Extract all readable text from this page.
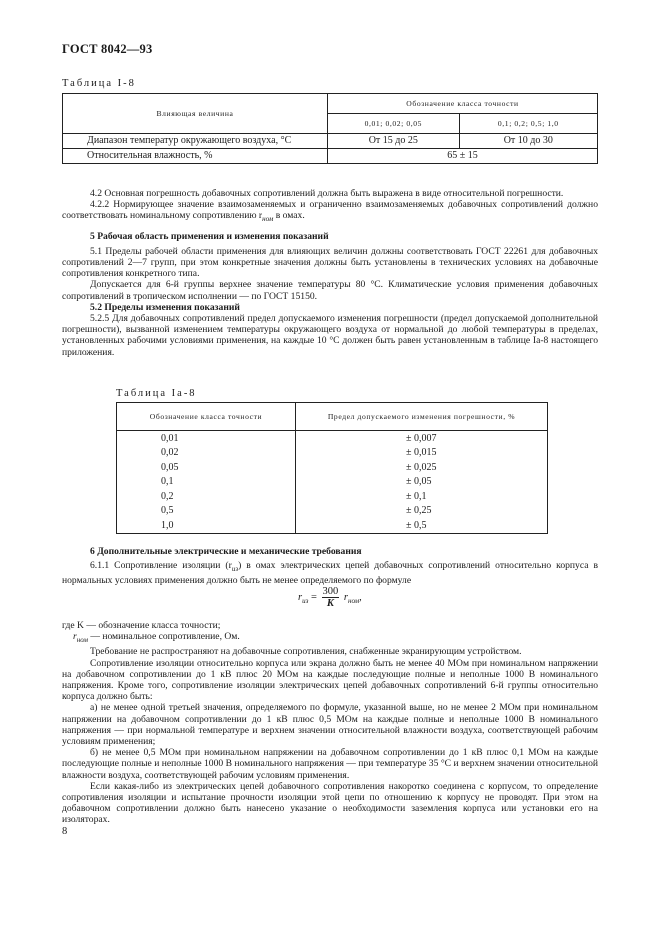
ГОСТ 8042—93
Таблица I-8
Влияющая величина	Обозначение класса точности	
	0,01; 0,02; 0,05	0,1; 0,2; 0,5; 1,0
Диапазон температур окружающего воздуха, °С	От 15 до 25	От 10 до 30
Относительная влажность, %	65 ± 15	

4.2 Основная погрешность добавочных сопротивлений должна быть выражена в виде относительной погрешности.

4.2.2 Нормирующее значение взаимозаменяемых и ограниченно взаимозаменяемых добавочных сопротивлений должно соответствовать номинальному сопротивлению $r_{ном}$ в омах.

5 Рабочая область применения и изменения показаний

5.1 Пределы рабочей области применения для влияющих величин должны соответствовать ГОСТ 22261 для добавочных сопротивлений 2—7 групп, при этом конкретные значения должны быть установлены в технических условиях на добавочные сопротивления конкретного типа.

Допускается для 6-й группы верхнее значение температуры 80 °С. Климатические условия применения добавочных сопротивлений в тропическом исполнении — по ГОСТ 15150.

5.2 Пределы изменения показаний

5.2.5 Для добавочных сопротивлений предел допускаемого изменения погрешности (предел допускаемой дополнительной погрешности), вызванной изменением температуры окружающего воздуха от нормальной до любой температуры в пределах, установленных рабочими условиями применения, на каждые 10 °С должен быть равен установленным в таблице Iа-8 настоящего приложения.

Таблица Iа-8
Обозначение класса точности	Предел допускаемого изменения погрешности, %
0,01	± 0,007
0,02	± 0,015
0,05	± 0,025
0,1	± 0,05
0,2	± 0,1
0,5	± 0,25
1,0	± 0,5

6 Дополнительные электрические и механические требования

6.1.1 Сопротивление изоляции $(r_{из})$ в омах электрических цепей добавочных сопротивлений относительно корпуса в нормальных условиях применения должно быть не менее определяемого по формуле

$r_{из} = \frac{300}{K} r_{ном}$,

где K — обозначение класса точности;

$r_{ном}$ — номинальное сопротивление, Ом.

Требование не распространяют на добавочные сопротивления, снабженные экранирующим устройством.

Сопротивление изоляции относительно корпуса или экрана должно быть не менее 40 МОм при номинальном напряжении на добавочном сопротивлении до 1 кВ плюс 20 МОм на каждые последующие полные и неполные 1000 В номинального напряжения. Кроме того, сопротивление изоляции электрических цепей добавочных сопротивлений 6-й группы относительно корпуса должно быть:

а) не менее одной третьей значения, определяемого по формуле, указанной выше, но не менее 2 МОм при номинальном напряжении на добавочном сопротивлении до 1 кВ плюс 0,5 МОм на каждые полные и неполные 1000 В номинального напряжения — при нормальной температуре и верхнем значении относительной влажности воздуха, соответствующей рабочим условиям применения;

б) не менее 0,5 МОм при номинальном напряжении на добавочном сопротивлении до 1 кВ плюс 0,1 МОм на каждые последующие полные и неполные 1000 В номинального напряжения — при температуре 35 °С и верхнем значении относительной влажности воздуха, соответствующей рабочим условиям применения.

Если какая-либо из электрических цепей добавочного сопротивления накоротко соединена с корпусом, то определение сопротивления изоляции и испытание прочности изоляции этой цепи по отношению к корпусу не проводят. При этом на добавочном сопротивлении должно быть нанесено указание о необходимости заземления корпуса или установки его на изоляторах.

8
